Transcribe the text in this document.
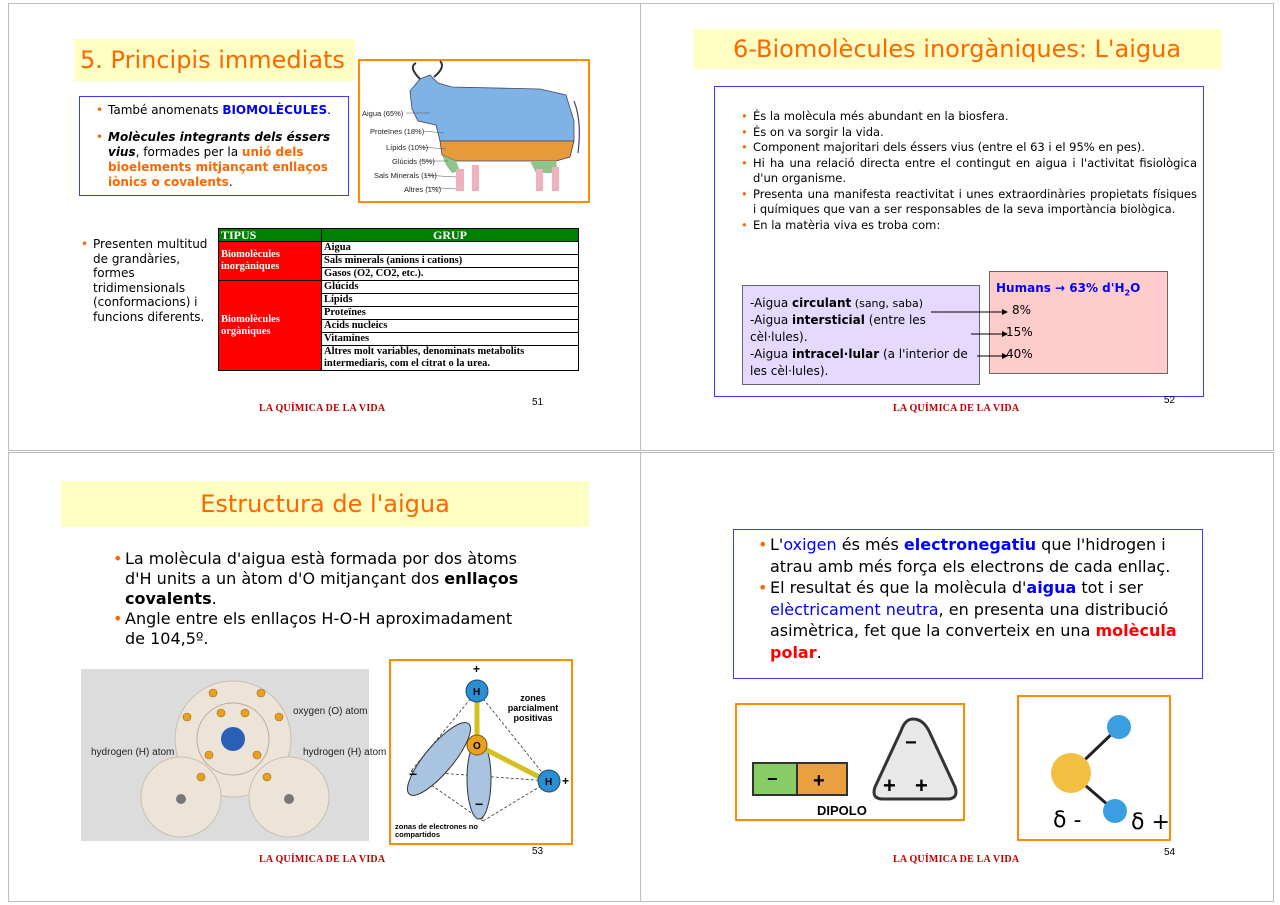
5. Principis immediats
• També anomenats BIOMOLÈCULES.
• Molècules integrants dels éssers vius, formades per la unió dels bioelements mitjançant enllaços iònics o covalents.
Aigua (65%)
Proteïnes (18%)
Lípids (10%)
Glúcids (5%)
Sals Minerals (1%)
Altres (1%)
• Presenten multitud de grandàries, formes tridimensionals (conformacions) i funcions diferents.
TIPUS	GRUP
Biomolècules inorgàniques	Aigua
	Sals minerals (anions i cations)
	Gasos (O2, CO2, etc.).
Biomolècules orgàniques	Glúcids
	Lípids
	Proteïnes
	Àcids nucleics
	Vitamines
	Altres molt variables, denominats metabolits intermediaris, com el citrat o la urea.
51
LA QUÍMICA DE LA VIDA
6-Biomolècules inorgàniques: L'aigua
• És la molècula més abundant en la biosfera.
• És on va sorgir la vida.
• Component majoritari dels éssers vius (entre el 63 i el 95% en pes).
• Hi ha una relació directa entre el contingut en aigua i l'activitat fisiològica d'un organisme.
• Presenta una manifesta reactivitat i unes extraordinàries propietats físiques i químiques que van a ser responsables de la seva importància biològica.
• En la matèria viva es troba com:
Humans → 63% $d'H_2O$
8%
15%
40%
-Aigua circulant (sang, saba)
-Aigua intersticial (entre les cèl·lules).
-Aigua intracel·lular (a l'interior de les cèl·lules).
52
LA QUÍMICA DE LA VIDA
Estructura de l'aigua
• La molècula d'aigua està formada por dos àtoms d'H units a un àtom d'O mitjançant dos enllaços covalents.
• Angle entre els enllaços H-O-H aproximadament de 104,5º.
oxygen (O) atom
hydrogen (H) atom	hydrogen (H) atom
H
O
H
+
+
−
−
zones parcialment positivas
zonas de electrones no compartidos
53
LA QUÍMICA DE LA VIDA
• L'oxigen és més electronegatiu que l'hidrogen i atrau amb més força els electrons de cada enllaç.
• El resultat és que la molècula d'aigua tot i ser elèctricament neutra, en presenta una distribució asimètrica, fet que la converteix en una molècula polar.
− +
−
+ +
DIPOLO	δ - δ +
54
LA QUÍMICA DE LA VIDA
